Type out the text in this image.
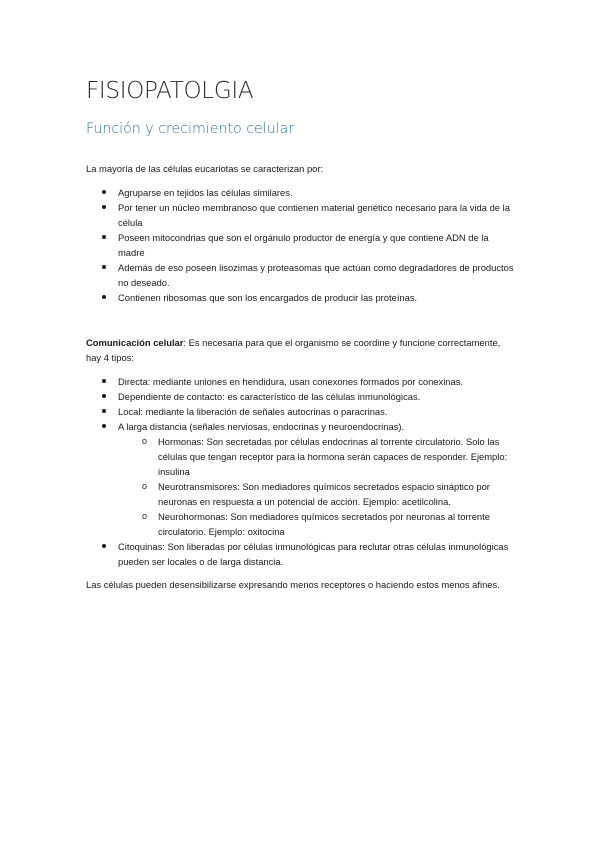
FISIOPATOLGIA
Función y crecimiento celular

La mayoría de las células eucariotas se caracterizan por:

Agruparse en tejidos las células similares.
Por tener un núcleo membranoso que contienen material genético necesario para la vida de la célula
Poseen mitocondrias que son el orgánulo productor de energía y que contiene ADN de la madre
Además de eso poseen lisozimas y proteasomas que actúan como degradadores de productos no deseado.
Contienen ribosomas que son los encargados de producir las proteínas.

Comunicación celular: Es necesaria para que el organismo se coordine y funcione correctamente, hay 4 tipos:

Directa: mediante uniones en hendidura, usan conexones formados por conexinas.
Dependiente de contacto: es característico de las células inmunológicas.
Local: mediante la liberación de señales autocrinas o paracrinas.
A larga distancia (señales nerviosas, endocrinas y neuroendocrinas).
o Hormonas: Son secretadas por células endocrinas al torrente circulatorio. Solo las células que tengan receptor para la hormona serán capaces de responder. Ejemplo: insulina
o Neurotransmisores: Son mediadores químicos secretados espacio sináptico por neuronas en respuesta a un potencial de acción. Ejemplo: acetilcolina.
o Neurohormonas: Son mediadores químicos secretados por neuronas al torrente circulatorio. Ejemplo: oxitocina
Citoquinas: Son liberadas por células inmunológicas para reclutar otras células inmunológicas pueden ser locales o de larga distancia.

Las células pueden desensibilizarse expresando menos receptores o haciendo estos menos afines.
